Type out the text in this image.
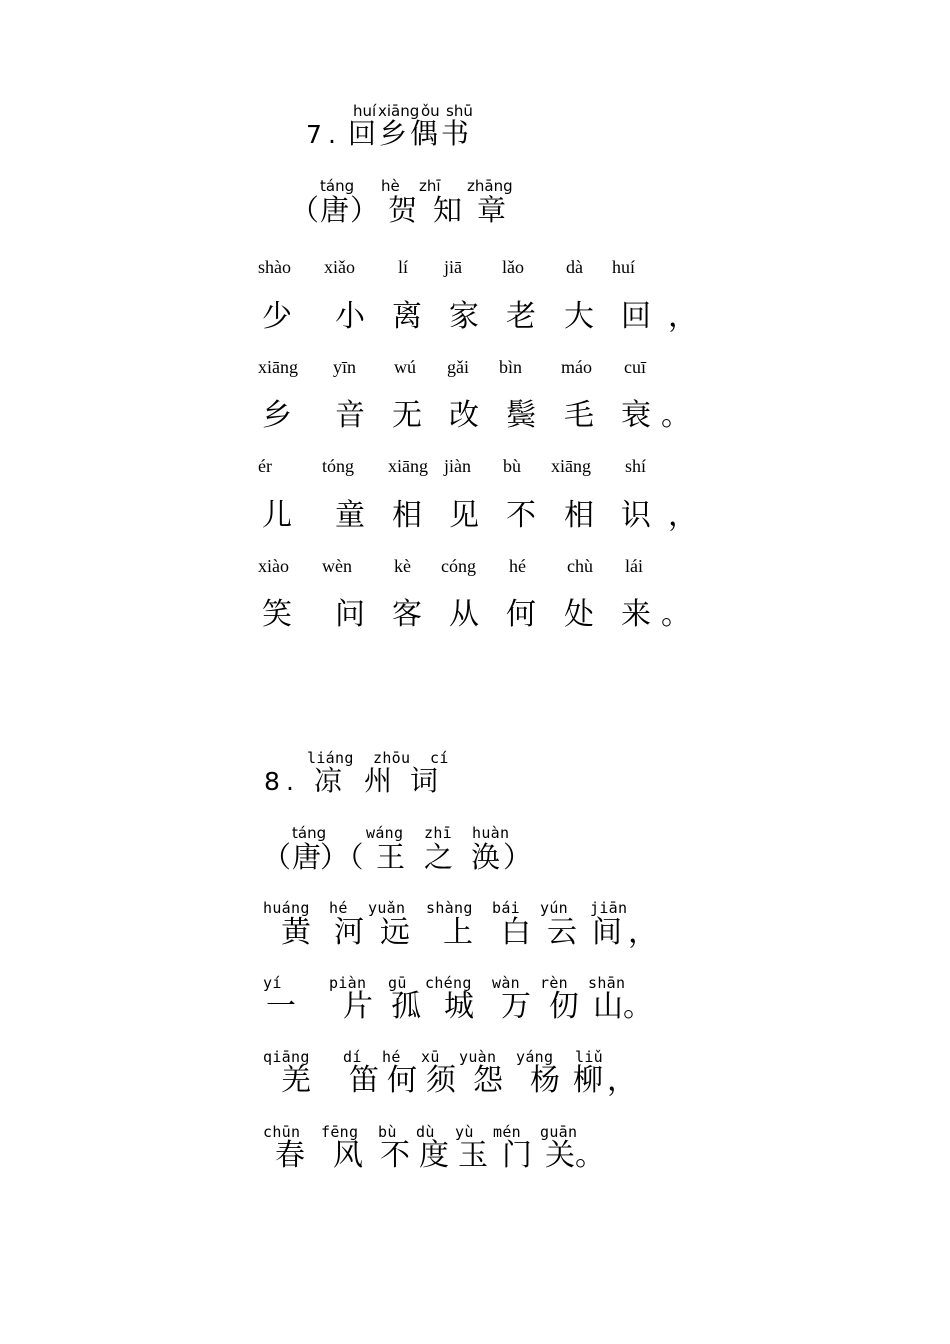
huí xiāng ǒu shū
7 . 回 乡 偶 书
táng hè zhī zhāng
（ 唐 ） 贺 知 章
shào xiǎo lí jiā lǎo dà huí
少 小 离 家 老 大 回 ，
xiāng yīn wú gǎi bìn máo cuī
乡 音 无 改 鬓 毛 衰 。
ér	tóng xiāng jiàn bù xiāng shí
儿 童 相 见 不 相 识 ，
xiào wèn kè cóng hé chù lái
笑 问 客 从 何 处 来 。
liáng zhōu cí
8 . 凉 州 词
táng	wáng zhī huàn
（ 唐
）（ 王 之 涣 ）
huáng hé yuǎn shàng bái yún jiān
黄 河 远 上 白 云 间 ，
yí	piàn gū chéng wàn rèn shān
一 片 孤 城 万 仞 山 。
qiāng dí hé xū yuàn yáng liǔ
羌 笛 何 须 怨 杨 柳 ，
chūn fēng bù dù yù mén guān
春 风 不 度 玉 门 关 。
